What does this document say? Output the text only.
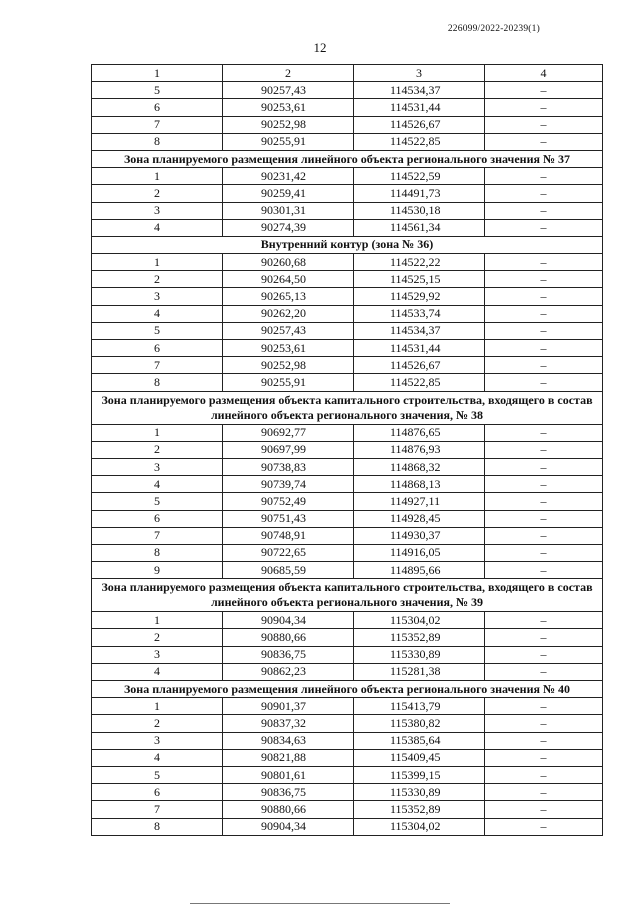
226099/2022-20239(1)
12
1	2	3	4
5	90257,43	114534,37	–
6	90253,61	114531,44	–
7	90252,98	114526,67	–
8	90255,91	114522,85	–
Зона планируемого размещения линейного объекта регионального значения № 37			
1	90231,42	114522,59	–
2	90259,41	114491,73	–
3	90301,31	114530,18	–
4	90274,39	114561,34	–
Внутренний контур (зона № 36)			
1	90260,68	114522,22	–
2	90264,50	114525,15	–
3	90265,13	114529,92	–
4	90262,20	114533,74	–
5	90257,43	114534,37	–
6	90253,61	114531,44	–
7	90252,98	114526,67	–
8	90255,91	114522,85	–
Зона планируемого размещения объекта капитального строительства, входящего в состав линейного объекта регионального значения, № 38			
1	90692,77	114876,65	–
2	90697,99	114876,93	–
3	90738,83	114868,32	–
4	90739,74	114868,13	–
5	90752,49	114927,11	–
6	90751,43	114928,45	–
7	90748,91	114930,37	–
8	90722,65	114916,05	–
9	90685,59	114895,66	–
Зона планируемого размещения объекта капитального строительства, входящего в состав линейного объекта регионального значения, № 39			
1	90904,34	115304,02	–
2	90880,66	115352,89	–
3	90836,75	115330,89	–
4	90862,23	115281,38	–
Зона планируемого размещения линейного объекта регионального значения № 40			
1	90901,37	115413,79	–
2	90837,32	115380,82	–
3	90834,63	115385,64	–
4	90821,88	115409,45	–
5	90801,61	115399,15	–
6	90836,75	115330,89	–
7	90880,66	115352,89	–
8	90904,34	115304,02	–
